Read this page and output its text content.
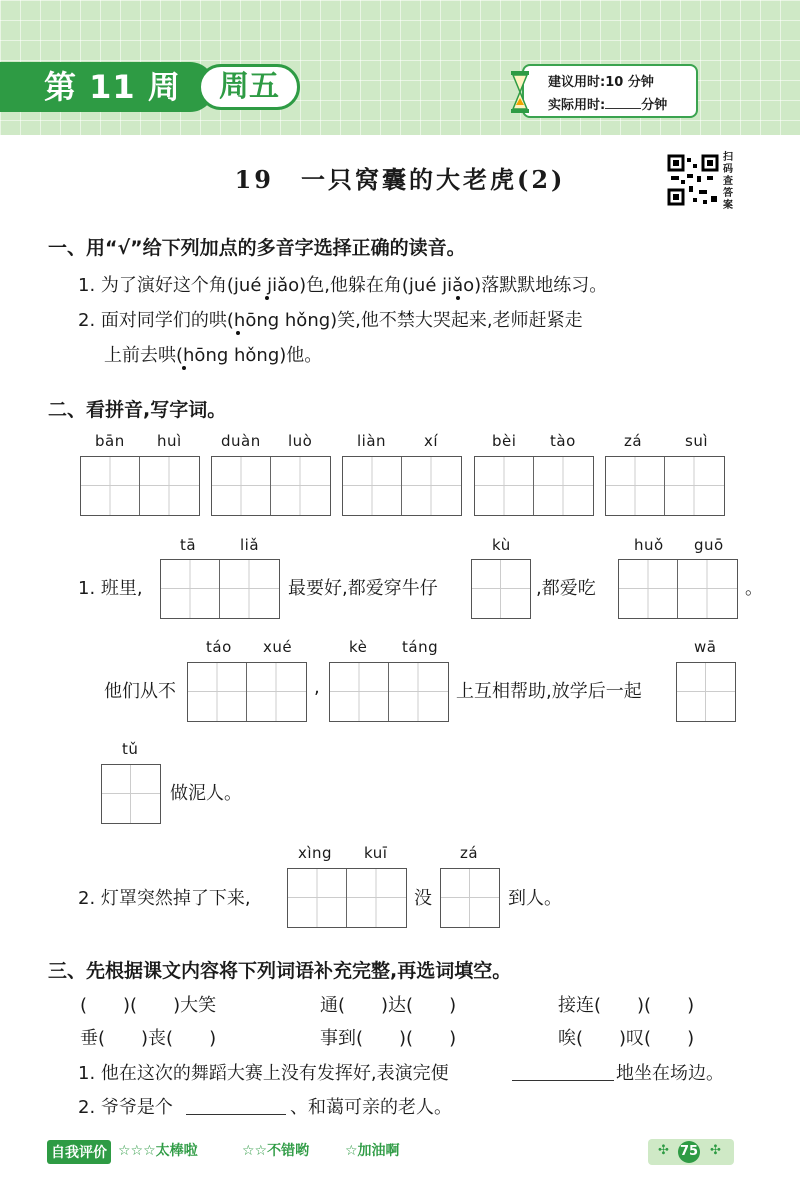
第 11 周	周五	建议用时:10 分钟
实际用时:	分钟
19　一只窝囊的大老虎(2)
扫码查答案
一、用“√”给下列加点的多音字选择正确的读音。
1. 为了演好这个角(jué jiǎo)色,他躲在角(jué jiǎo)落默默地练习。
2. 面对同学们的哄(hōng hǒng)笑,他不禁大哭起来,老师赶紧走
上前去哄(hōng hǒng)他。
二、看拼音,写字词。
bān huì	duàn luò	liàn	xí	bèi tào	zá	suì
tā	liǎ	kù	huǒ guō
1. 班里,	最要好,都爱穿牛仔	,都爱吃	。
táo xué	kè táng	wā
他们从不	,	上互相帮助,放学后一起
tǔ
做泥人。
xìng kuī	zá
2. 灯罩突然掉了下来,	没	到人。
三、先根据课文内容将下列词语补充完整,再选词填空。
(　　)(　　)大笑	通(　　)达(　　)	接连(　　)(　　)
垂(　　)丧(　　)	事到(　　)(　　)	唉(　　)叹(　　)
1. 他在这次的舞蹈大赛上没有发挥好,表演完便	地坐在场边。
2. 爷爷是个	、和蔼可亲的老人。
自我评价 ☆☆☆太棒啦	☆☆不错哟	☆加油啊	✣ 75 ✣
